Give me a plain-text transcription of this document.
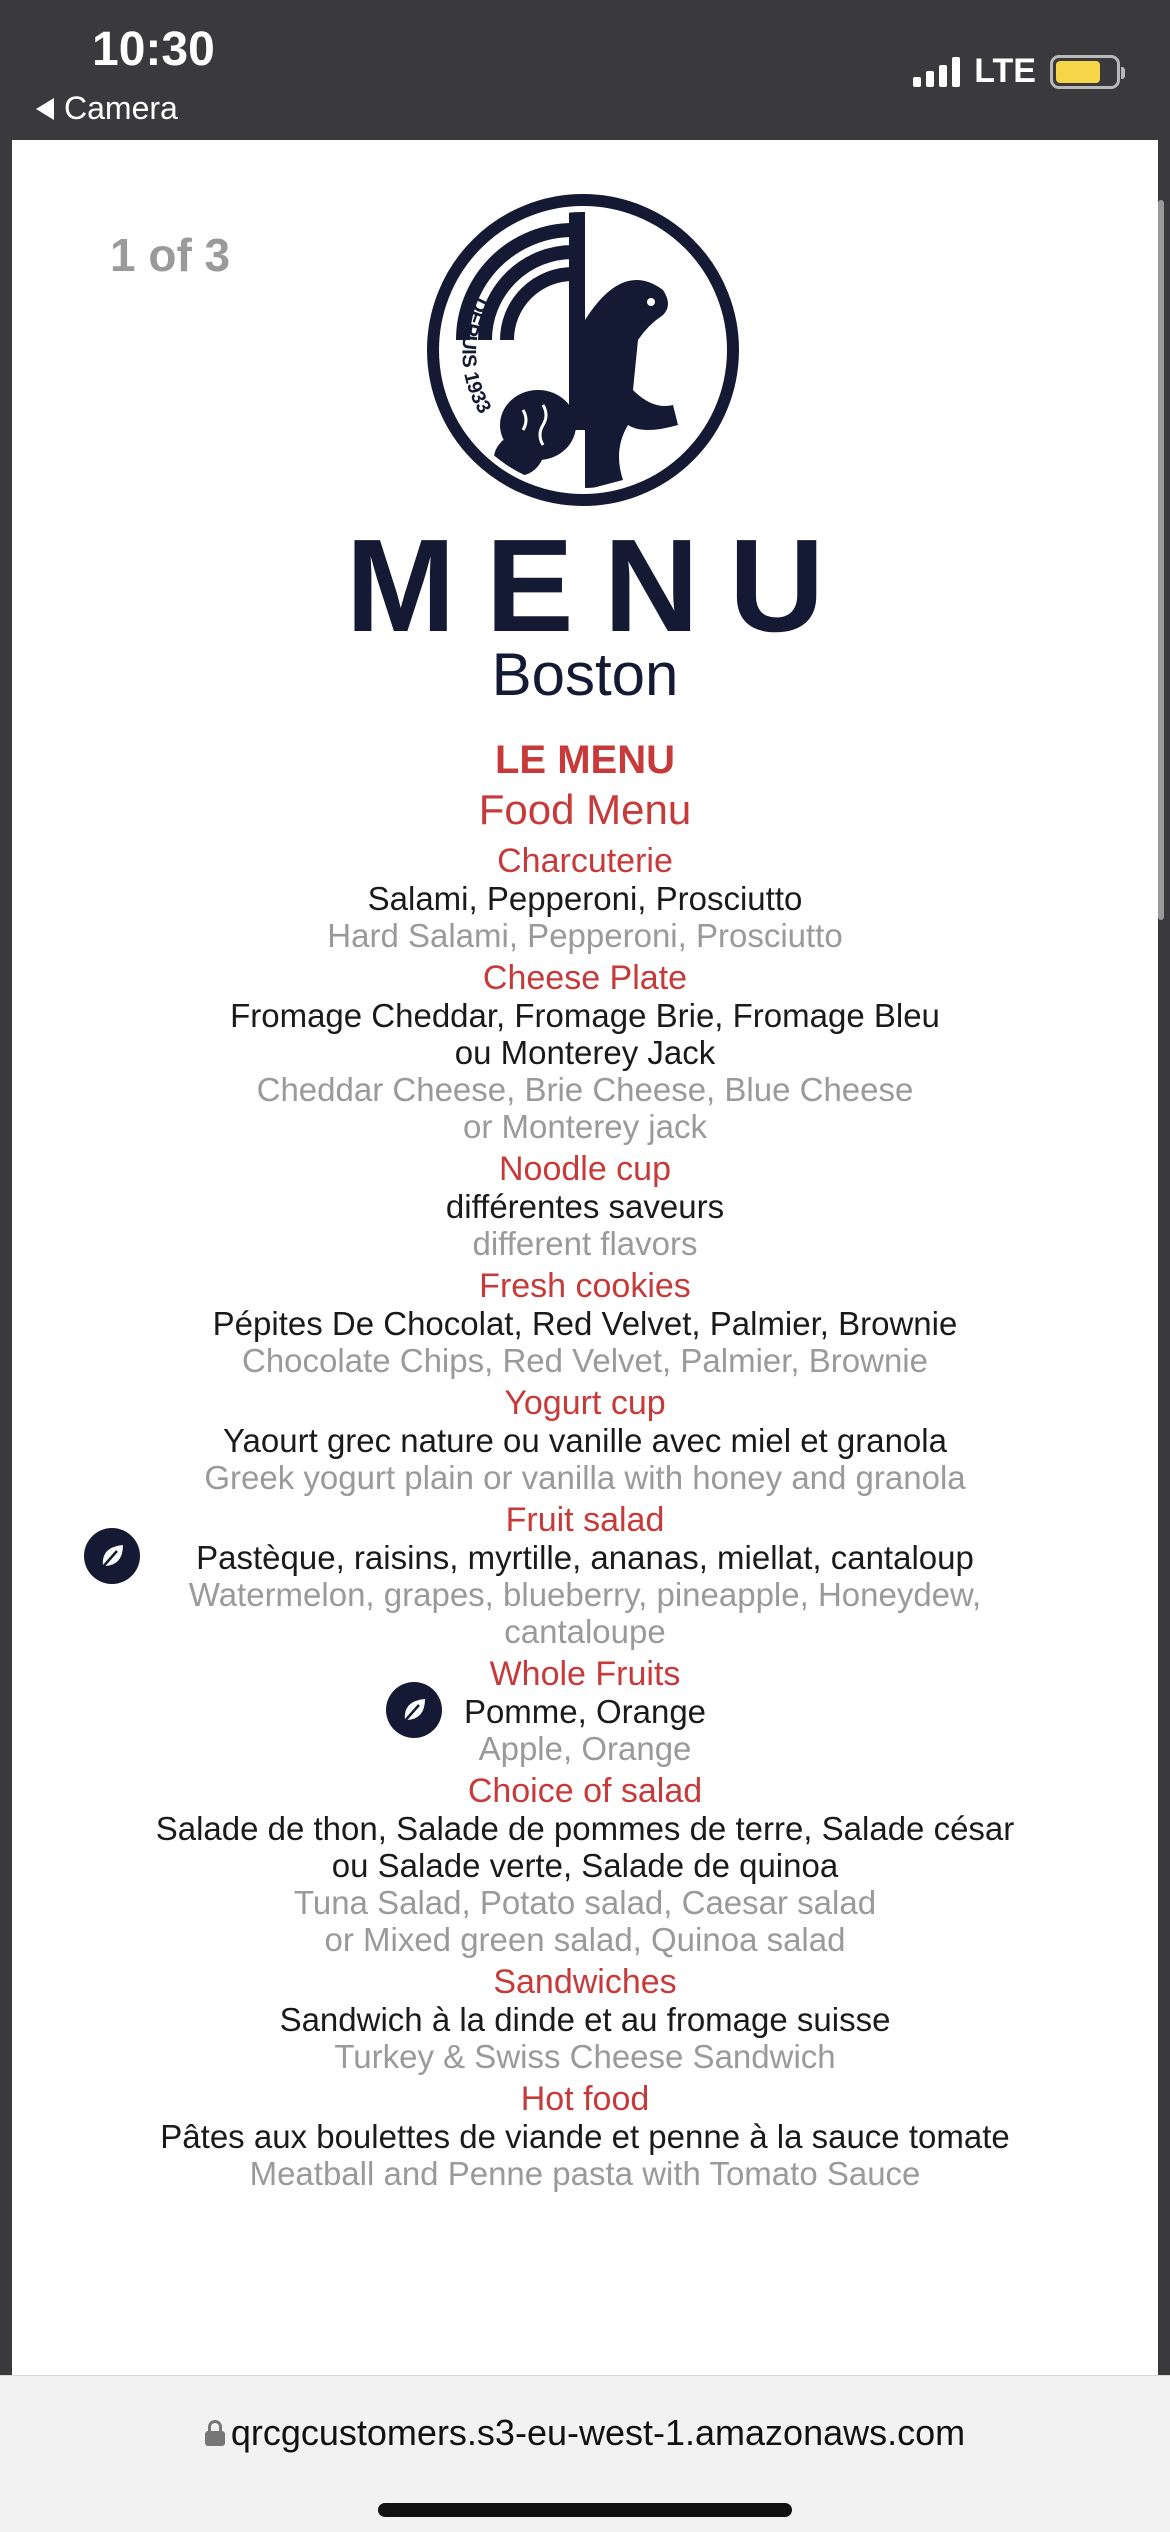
10:30
Camera
LTE
1 of 3
DEPUIS 1933
MENU
Boston
LE MENU
Food Menu
Charcuterie
Salami, Pepperoni, Prosciutto
Hard Salami, Pepperoni, Prosciutto
Cheese Plate
Fromage Cheddar, Fromage Brie, Fromage Bleu
ou Monterey Jack
Cheddar Cheese, Brie Cheese, Blue Cheese
or Monterey jack
Noodle cup
différentes saveurs
different flavors
Fresh cookies
Pépites De Chocolat, Red Velvet, Palmier, Brownie
Chocolate Chips, Red Velvet, Palmier, Brownie
Yogurt cup
Yaourt grec nature ou vanille avec miel et granola
Greek yogurt plain or vanilla with honey and granola
Fruit salad
Pastèque, raisins, myrtille, ananas, miellat, cantaloup
Watermelon, grapes, blueberry, pineapple, Honeydew,
cantaloupe
Whole Fruits
Pomme, Orange
Apple, Orange
Choice of salad
Salade de thon, Salade de pommes de terre, Salade césar
ou Salade verte, Salade de quinoa
Tuna Salad, Potato salad, Caesar salad
or Mixed green salad, Quinoa salad
Sandwiches
Sandwich à la dinde et au fromage suisse
Turkey & Swiss Cheese Sandwich
Hot food
Pâtes aux boulettes de viande et penne à la sauce tomate
Meatball and Penne pasta with Tomato Sauce
qrcgcustomers.s3-eu-west-1.amazonaws.com
